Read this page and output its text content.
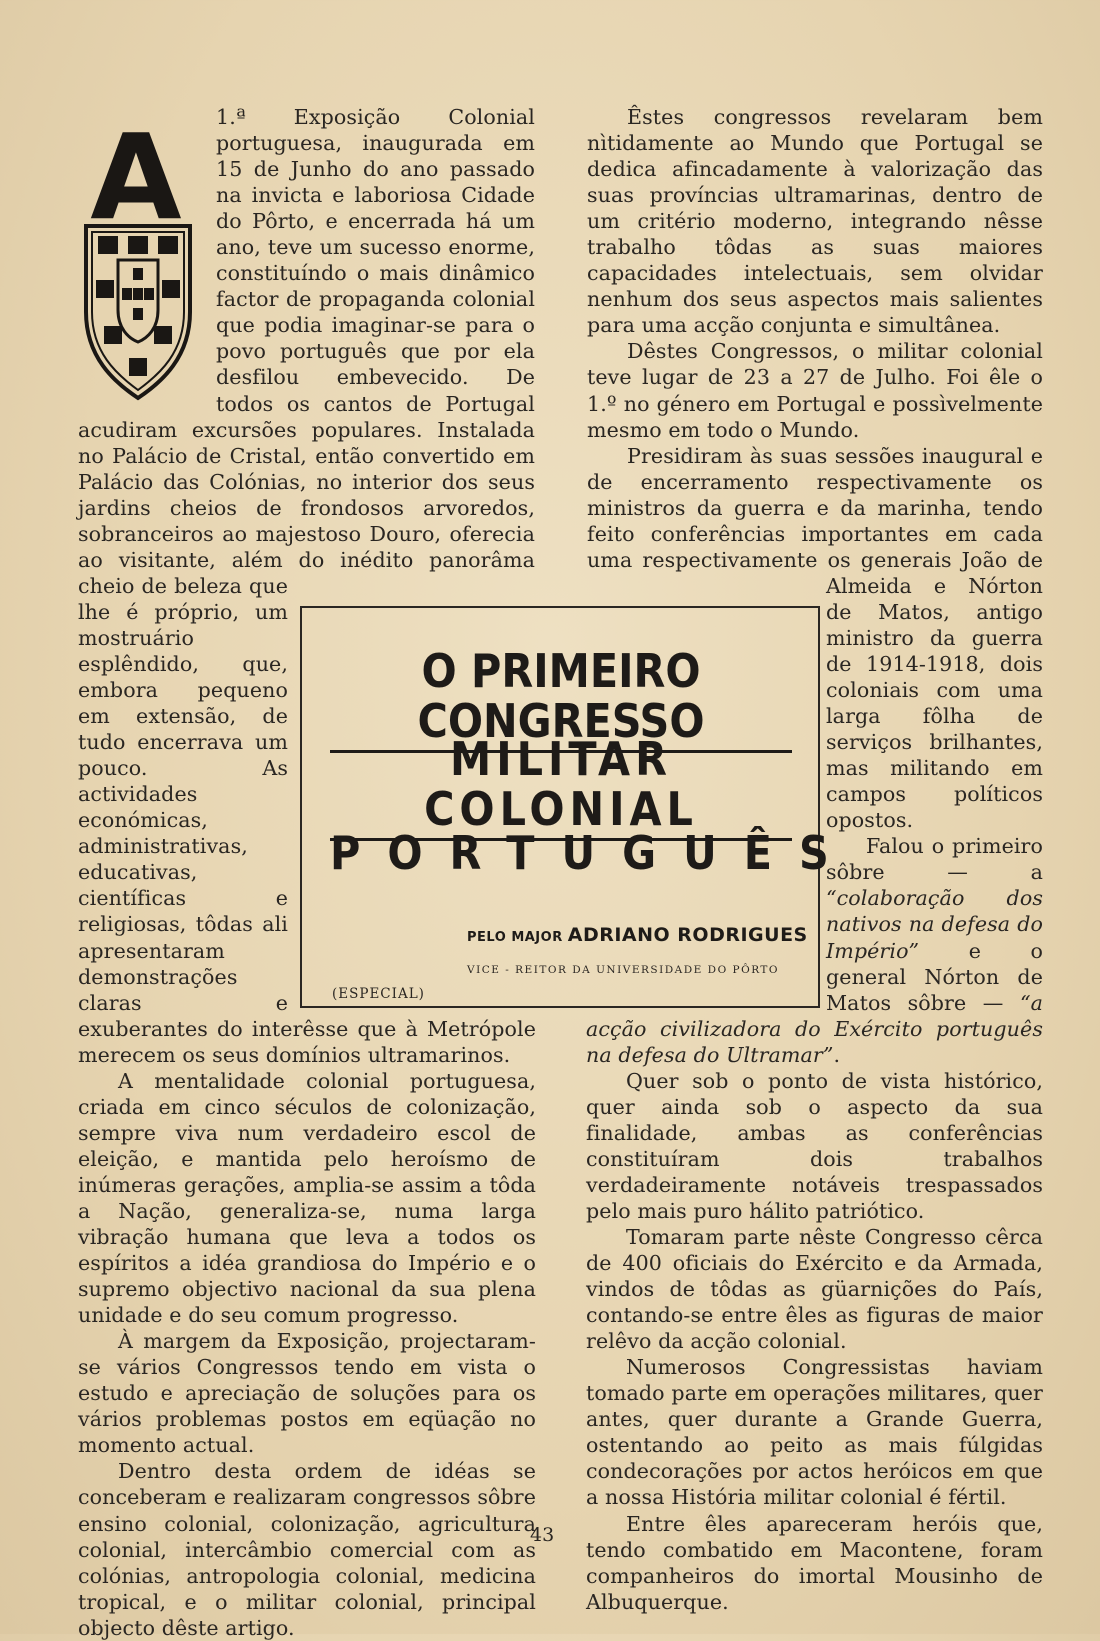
A	1.ª Exposição Colonial portuguesa, inaugurada em 15 de Junho do ano passado na invicta e laboriosa Cidade do Pôrto, e encerrada há um ano, teve um sucesso enorme, constituíndo o mais dinâmico factor de propaganda colonial que podia imaginar-se para o povo português que por ela desfilou embevecido. De todos os cantos de Portugal acudiram excursões populares. Instalada no Palácio de Cristal, então convertido em Palácio das Colónias, no interior dos seus jardins cheios de frondosos arvoredos, sobranceiros ao majestoso Douro, oferecia ao visitante, além do inédito panorâma cheio de beleza que lhe é próprio, um mostruário esplêndido, que, embora pequeno em extensão, de tudo encerrava um pouco. As actividades económicas, administrativas, educativas, científicas e religiosas, tôdas ali apresentaram demonstrações claras e exuberantes do interêsse que à Metrópole merecem os seus domínios ultramarinos.

A mentalidade colonial portuguesa, criada em cinco séculos de colonização, sempre viva num verdadeiro escol de eleição, e mantida pelo heroísmo de inúmeras gerações, amplia-se assim a tôda a Nação, generaliza-se, numa larga vibração humana que leva a todos os espíritos a idéa grandiosa do Império e o supremo objectivo nacional da sua plena unidade e do seu comum progresso.

À margem da Exposição, projectaram-se vários Congressos tendo em vista o estudo e apreciação de soluções para os vários problemas postos em eqüação no momento actual.

Dentro desta ordem de idéas se conceberam e realizaram congressos sôbre ensino colonial, colonização, agricultura colonial, intercâmbio comercial com as colónias, antropologia colonial, medicina tropical, e o militar colonial, principal objecto dêste artigo.

Êstes congressos revelaram bem nìtidamente ao Mundo que Portugal se dedica afincadamente à valorização das suas províncias ultramarinas, dentro de um critério moderno, integrando nêsse trabalho tôdas as suas maiores capacidades intelectuais, sem olvidar nenhum dos seus aspectos mais salientes para uma acção conjunta e simultânea.

Dêstes Congressos, o militar colonial teve lugar de 23 a 27 de Julho. Foi êle o 1.º no género em Portugal e possìvelmente mesmo em todo o Mundo.

Presidiram às suas sessões inaugural e de encerramento respectivamente os ministros da guerra e da marinha, tendo feito conferências importantes em cada uma respectivamente os generais João de Almeida e Nórton de Matos, antigo ministro da guerra de 1914-1918, dois coloniais com uma larga fôlha de serviços brilhantes, mas militando em campos políticos opostos.

Falou o primeiro sôbre — a “colaboração dos nativos na defesa do Império” e o general Nórton de Matos sôbre — “a acção civilizadora do Exército português na defesa do Ultramar”.

Quer sob o ponto de vista histórico, quer ainda sob o aspecto da sua finalidade, ambas as conferências constituíram dois trabalhos verdadeiramente notáveis trespassados pelo mais puro hálito patriótico.

Tomaram parte nêste Congresso cêrca de 400 oficiais do Exército e da Armada, vindos de tôdas as güarnições do País, contando-se entre êles as figuras de maior relêvo da acção colonial.

Numerosos Congressistas haviam tomado parte em operações militares, quer antes, quer durante a Grande Guerra, ostentando ao peito as mais fúlgidas condecorações por actos heróicos em que a nossa História militar colonial é fértil.

Entre êles apareceram heróis que, tendo combatido em Macontene, foram companheiros do imortal Mousinho de Albuquerque.

O PRIMEIRO CONGRESSO
MILITAR COLONIAL
PORTUGUÊS
PELO MAJOR ADRIANO RODRIGUES
VICE - REITOR DA UNIVERSIDADE DO PÔRTO
(ESPECIAL)
43
